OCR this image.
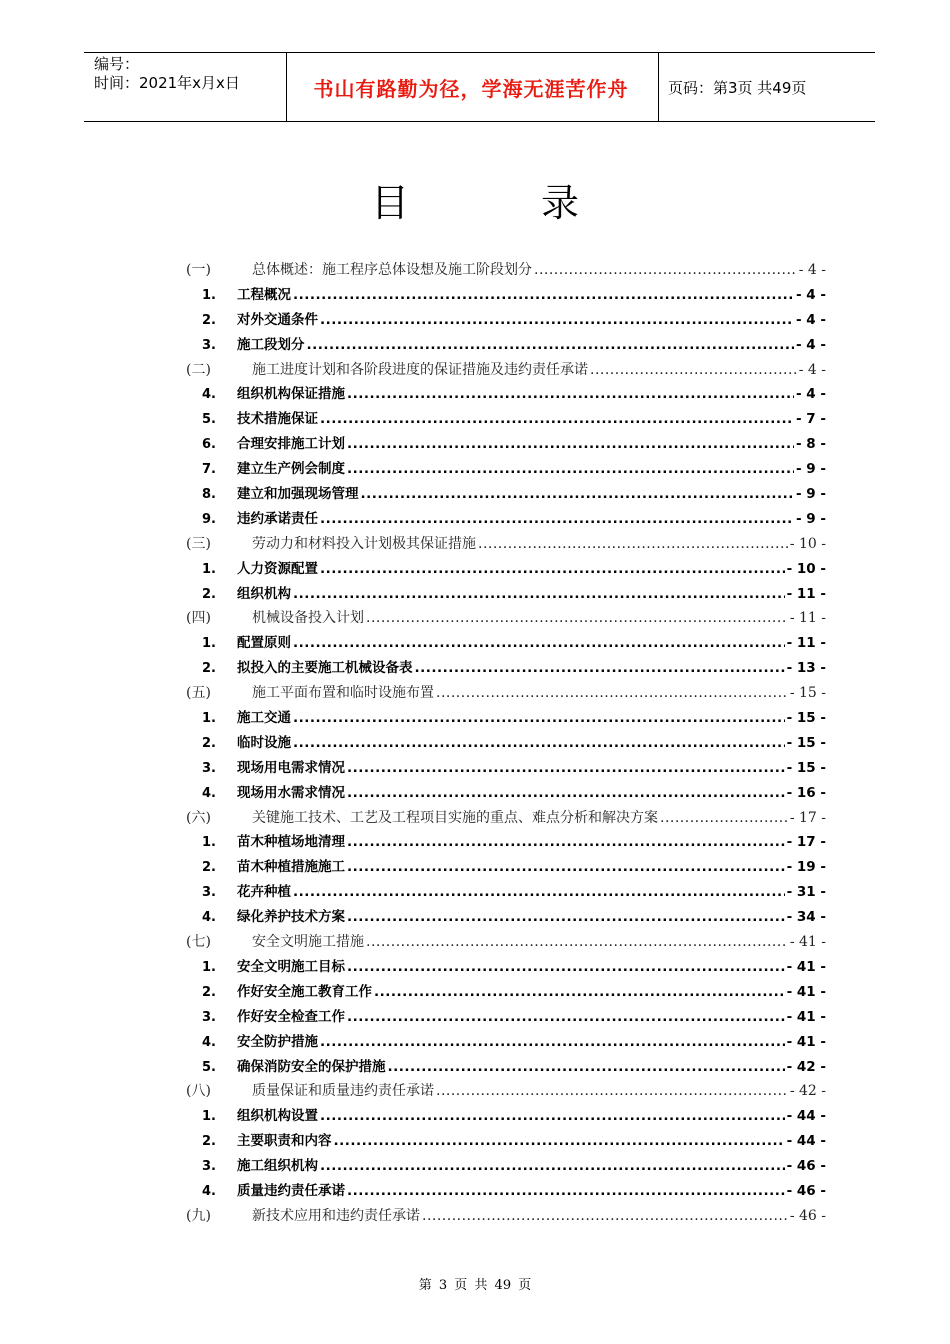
编号：
时间：2021年x月x日	书山有路勤为径，学海无涯苦作舟	页码：第3页 共49页
目 录
(一)	总体概述：施工程序总体设想及施工阶段划分 .....	- 4 -
1. 工程概况 .....	- 4 -
2. 对外交通条件 .....	- 4 -
3. 施工段划分 .....	- 4 -
(二)	施工进度计划和各阶段进度的保证措施及违约责任承诺 .....	- 4 -
4. 组织机构保证措施 .....	- 4 -
5. 技术措施保证 .....	- 7 -
6. 合理安排施工计划 .....	- 8 -
7. 建立生产例会制度 .....	- 9 -
8. 建立和加强现场管理 .....	- 9 -
9. 违约承诺责任 .....	- 9 -
(三)	劳动力和材料投入计划极其保证措施 .....	- 10 -
1. 人力资源配置 .....	- 10 -
2. 组织机构 .....	- 11 -
(四)	机械设备投入计划 .....	- 11 -
1. 配置原则 .....	- 11 -
2. 拟投入的主要施工机械设备表 .....	- 13 -
(五)	施工平面布置和临时设施布置 .....	- 15 -
1. 施工交通 .....	- 15 -
2. 临时设施 .....	- 15 -
3. 现场用电需求情况 .....	- 15 -
4. 现场用水需求情况 .....	- 16 -
(六)	关键施工技术、工艺及工程项目实施的重点、难点分析和解决方案 .....	- 17 -
1. 苗木种植场地清理 .....	- 17 -
2. 苗木种植措施施工 .....	- 19 -
3. 花卉种植 .....	- 31 -
4. 绿化养护技术方案 .....	- 34 -
(七)	安全文明施工措施 .....	- 41 -
1. 安全文明施工目标 .....	- 41 -
2. 作好安全施工教育工作 .....	- 41 -
3. 作好安全检查工作 .....	- 41 -
4. 安全防护措施 .....	- 41 -
5. 确保消防安全的保护措施 .....	- 42 -
(八)	质量保证和质量违约责任承诺 .....	- 42 -
1. 组织机构设置 .....	- 44 -
2. 主要职责和内容 .....	- 44 -
3. 施工组织机构 .....	- 46 -
4. 质量违约责任承诺 .....	- 46 -
(九)	新技术应用和违约责任承诺 .....	- 46 -
第 3 页 共 49 页
